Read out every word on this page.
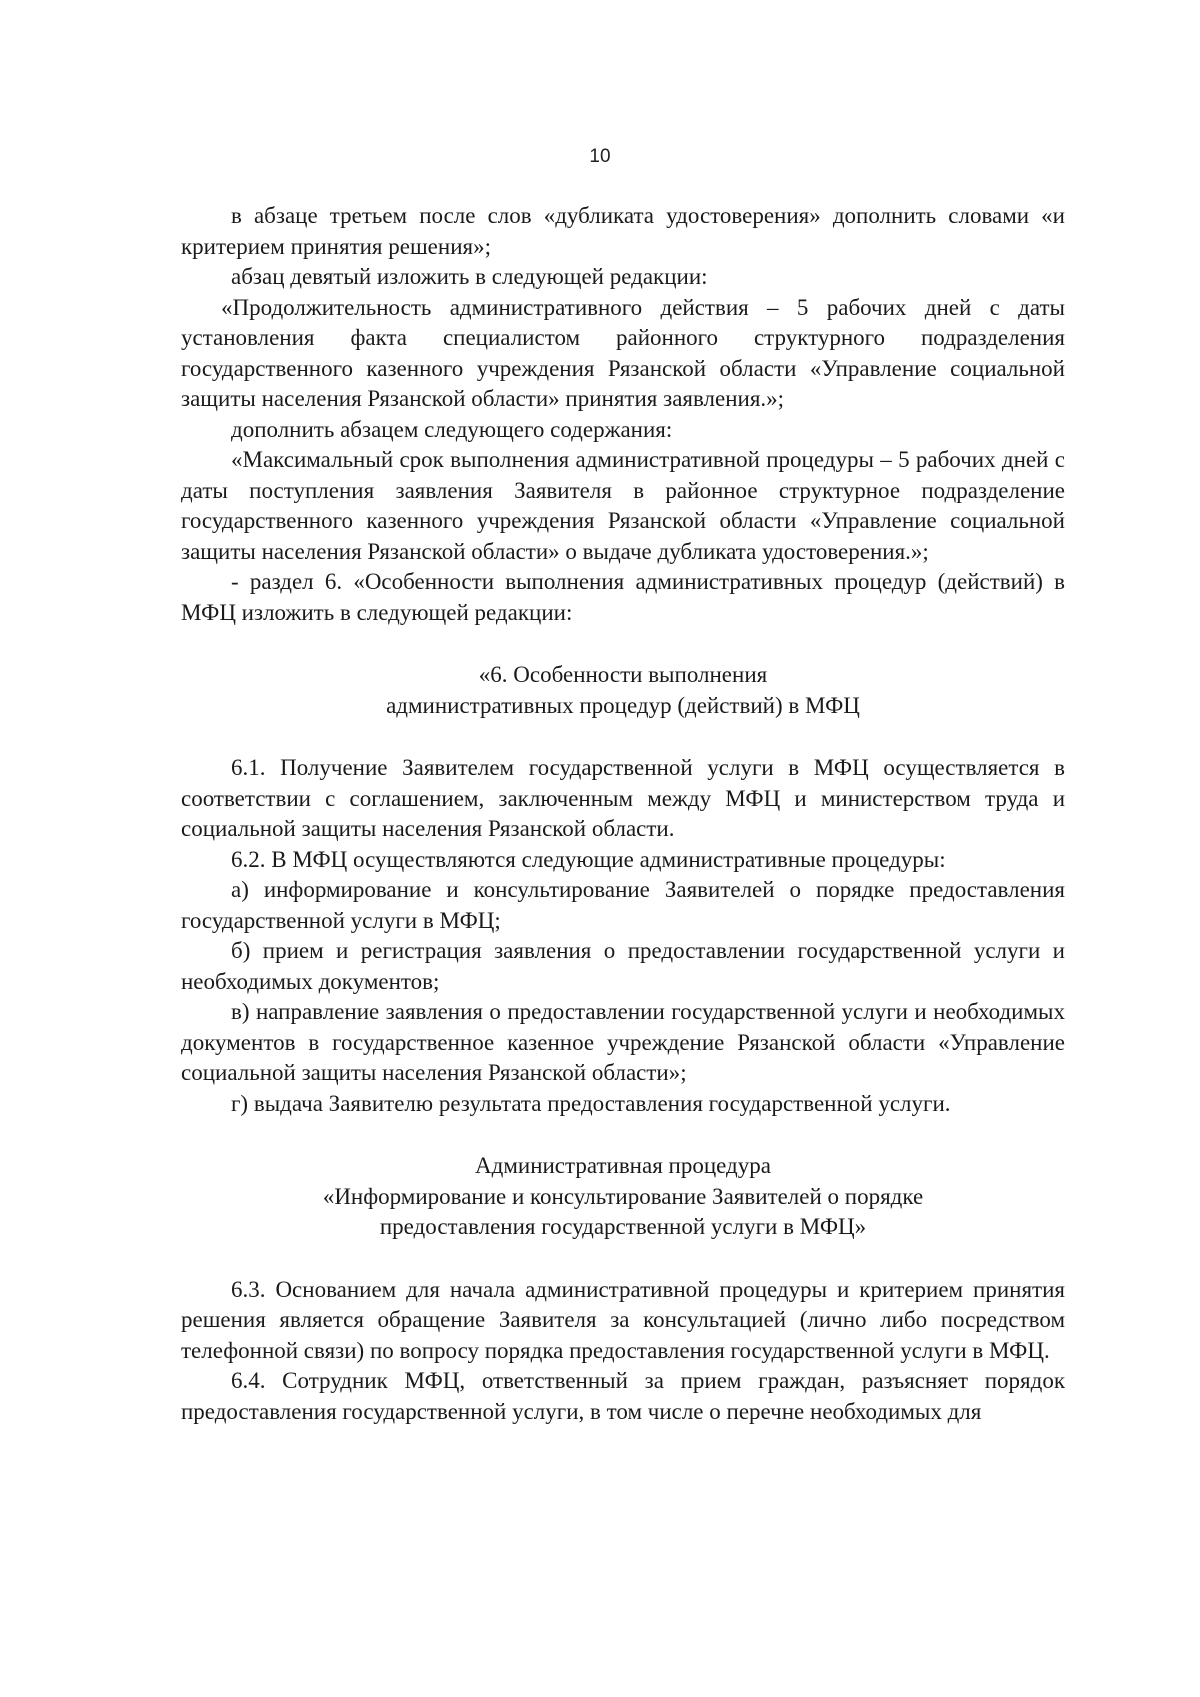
10

в абзаце третьем после слов «дубликата удостоверения» дополнить словами «и критерием принятия решения»;

абзац девятый изложить в следующей редакции:

«Продолжительность административного действия – 5 рабочих дней с даты установления факта специалистом районного структурного подразделения государственного казенного учреждения Рязанской области «Управление социальной защиты населения Рязанской области» принятия заявления.»;

дополнить абзацем следующего содержания:

«Максимальный срок выполнения административной процедуры – 5 рабочих дней с даты поступления заявления Заявителя в районное структурное подразделение государственного казенного учреждения Рязанской области «Управление социальной защиты населения Рязанской области» о выдаче дубликата удостоверения.»;

- раздел 6. «Особенности выполнения административных процедур (действий) в МФЦ изложить в следующей редакции:

«6. Особенности выполнения
административных процедур (действий) в МФЦ

6.1. Получение Заявителем государственной услуги в МФЦ осуществляется в соответствии с соглашением, заключенным между МФЦ и министерством труда и социальной защиты населения Рязанской области.

6.2. В МФЦ осуществляются следующие административные процедуры:

а) информирование и консультирование Заявителей о порядке предоставления государственной услуги в МФЦ;

б) прием и регистрация заявления о предоставлении государственной услуги и необходимых документов;

в) направление заявления о предоставлении государственной услуги и необходимых документов в государственное казенное учреждение Рязанской области «Управление социальной защиты населения Рязанской области»;

г) выдача Заявителю результата предоставления государственной услуги.

Административная процедура
«Информирование и консультирование Заявителей о порядке
предоставления государственной услуги в МФЦ»

6.3. Основанием для начала административной процедуры и критерием принятия решения является обращение Заявителя за консультацией (лично либо посредством телефонной связи) по вопросу порядка предоставления государственной услуги в МФЦ.

6.4. Сотрудник МФЦ, ответственный за прием граждан, разъясняет порядок предоставления государственной услуги, в том числе о перечне необходимых для
